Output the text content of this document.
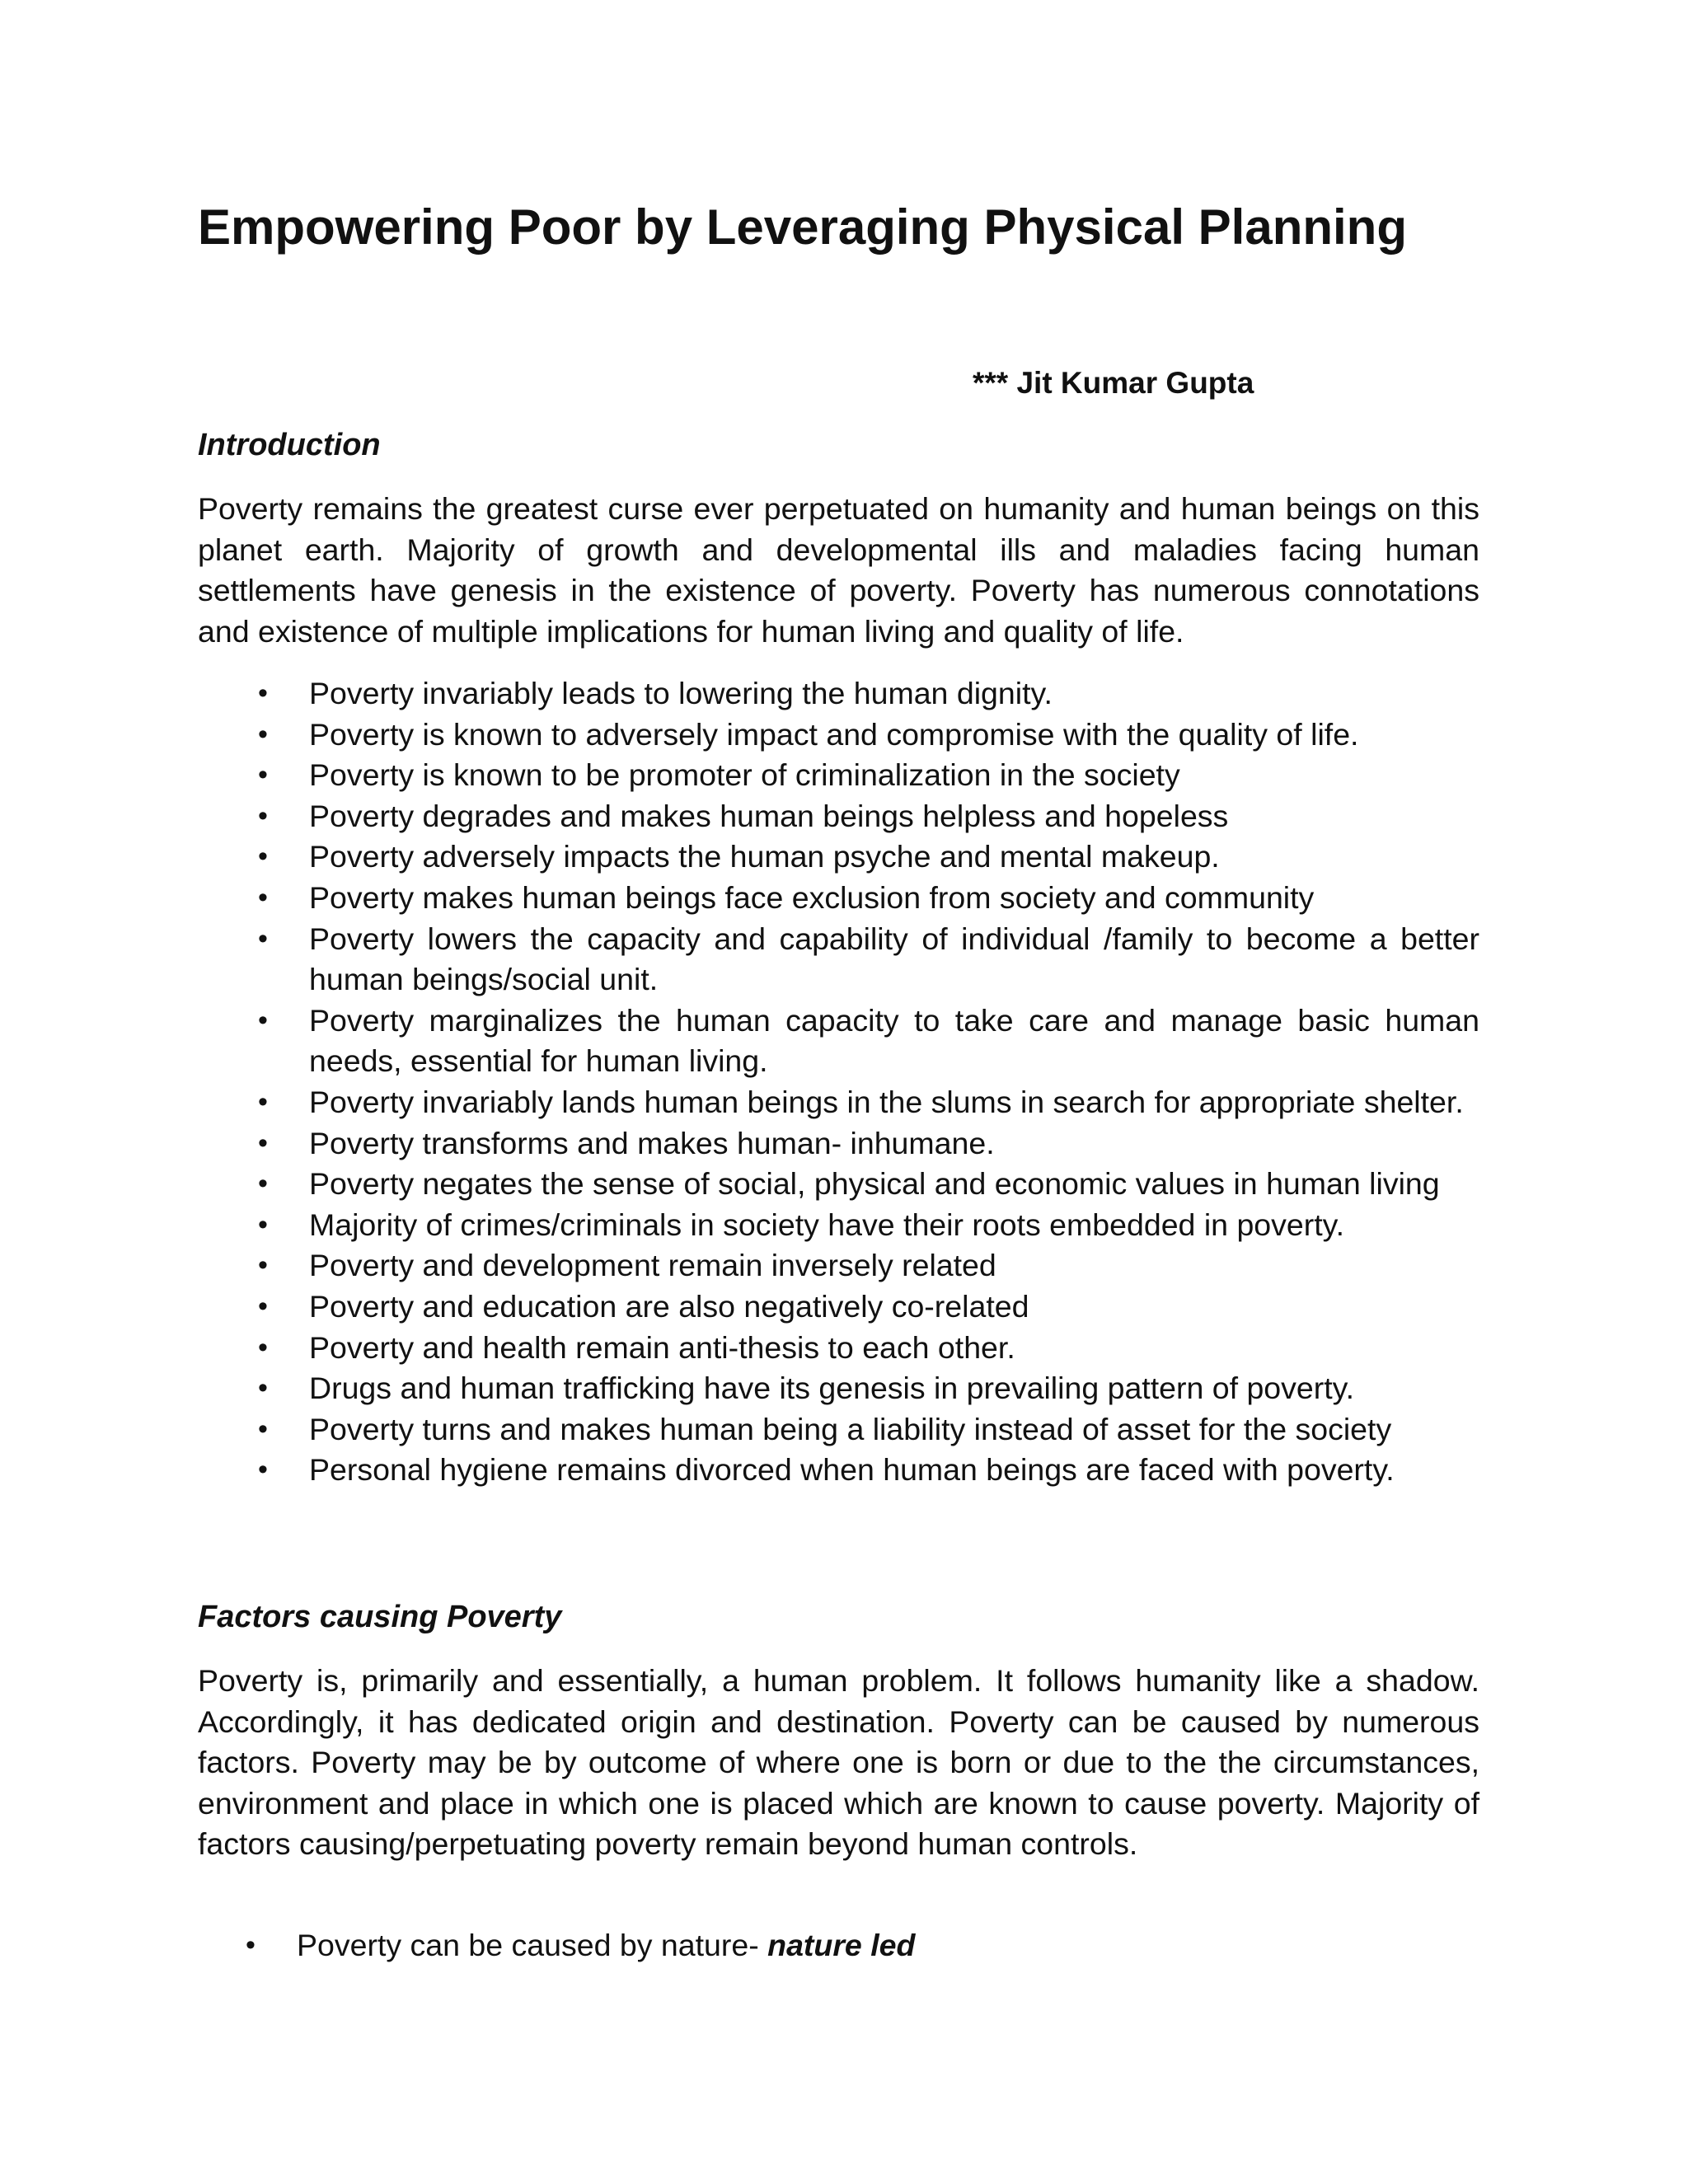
Empowering Poor by Leveraging Physical Planning

*** Jit Kumar Gupta

Introduction

Poverty remains the greatest curse ever perpetuated on humanity and human beings on this planet earth. Majority of growth and developmental ills and maladies facing human settlements have genesis in the existence of poverty. Poverty has numerous connotations and existence of multiple implications for human living and quality of life.

• Poverty invariably leads to lowering the human dignity.
• Poverty is known to adversely impact and compromise with the quality of life.
• Poverty is known to be promoter of criminalization in the society
• Poverty degrades and makes human beings helpless and hopeless
• Poverty adversely impacts the human psyche and mental makeup.
• Poverty makes human beings face exclusion from society and community
• Poverty lowers the capacity and capability of individual /family to become a better human beings/social unit.
• Poverty marginalizes the human capacity to take care and manage basic human needs, essential for human living.
• Poverty invariably lands human beings in the slums in search for appropriate shelter.
• Poverty transforms and makes human- inhumane.
• Poverty negates the sense of social, physical and economic values in human living
• Majority of crimes/criminals in society have their roots embedded in poverty.
• Poverty and development remain inversely related
• Poverty and education are also negatively co-related
• Poverty and health remain anti-thesis to each other.
• Drugs and human trafficking have its genesis in prevailing pattern of poverty.
• Poverty turns and makes human being a liability instead of asset for the society
• Personal hygiene remains divorced when human beings are faced with poverty.
Factors causing Poverty

Poverty is, primarily and essentially, a human problem. It follows humanity like a shadow. Accordingly, it has dedicated origin and destination. Poverty can be caused by numerous factors. Poverty may be by outcome of where one is born or due to the the circumstances, environment and place in which one is placed which are known to cause poverty. Majority of factors causing/perpetuating poverty remain beyond human controls.

• Poverty can be caused by nature- nature led
